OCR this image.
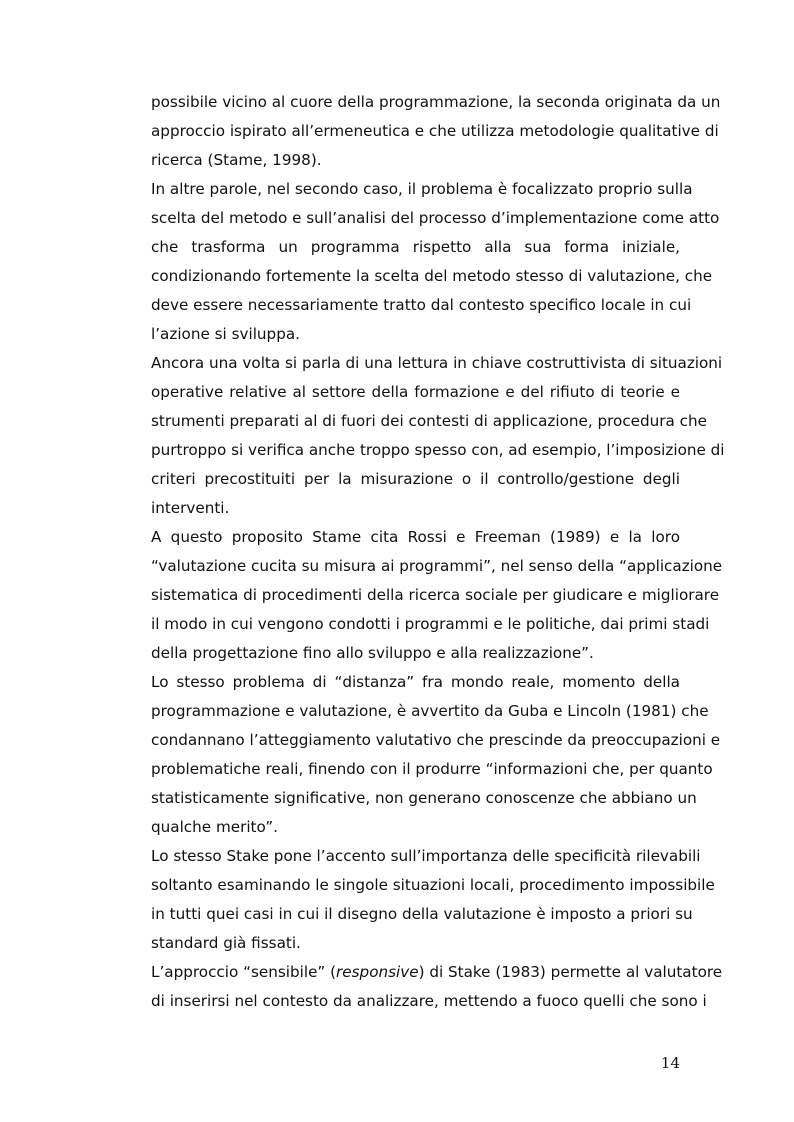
possibile vicino al cuore della programmazione, la seconda originata da un
approccio ispirato all’ermeneutica e che utilizza metodologie qualitative di
ricerca (Stame, 1998).
In altre parole, nel secondo caso, il problema è focalizzato proprio sulla
scelta del metodo e sull’analisi del processo d’implementazione come atto
che trasforma un programma rispetto alla sua forma iniziale,
condizionando fortemente la scelta del metodo stesso di valutazione, che
deve essere necessariamente tratto dal contesto specifico locale in cui
l’azione si sviluppa.
Ancora una volta si parla di una lettura in chiave costruttivista di situazioni
operative relative al settore della formazione e del rifiuto di teorie e
strumenti preparati al di fuori dei contesti di applicazione, procedura che
purtroppo si verifica anche troppo spesso con, ad esempio, l’imposizione di
criteri precostituiti per la misurazione o il controllo/gestione degli
interventi.
A questo proposito Stame cita Rossi e Freeman (1989) e la loro
“valutazione cucita su misura ai programmi”, nel senso della “applicazione
sistematica di procedimenti della ricerca sociale per giudicare e migliorare
il modo in cui vengono condotti i programmi e le politiche, dai primi stadi
della progettazione fino allo sviluppo e alla realizzazione”.
Lo stesso problema di “distanza” fra mondo reale, momento della
programmazione e valutazione, è avvertito da Guba e Lincoln (1981) che
condannano l’atteggiamento valutativo che prescinde da preoccupazioni e
problematiche reali, finendo con il produrre “informazioni che, per quanto
statisticamente significative, non generano conoscenze che abbiano un
qualche merito”.
Lo stesso Stake pone l’accento sull’importanza delle specificità rilevabili
soltanto esaminando le singole situazioni locali, procedimento impossibile
in tutti quei casi in cui il disegno della valutazione è imposto a priori su
standard già fissati.
L’approccio “sensibile” (responsive) di Stake (1983) permette al valutatore
di inserirsi nel contesto da analizzare, mettendo a fuoco quelli che sono i
14
